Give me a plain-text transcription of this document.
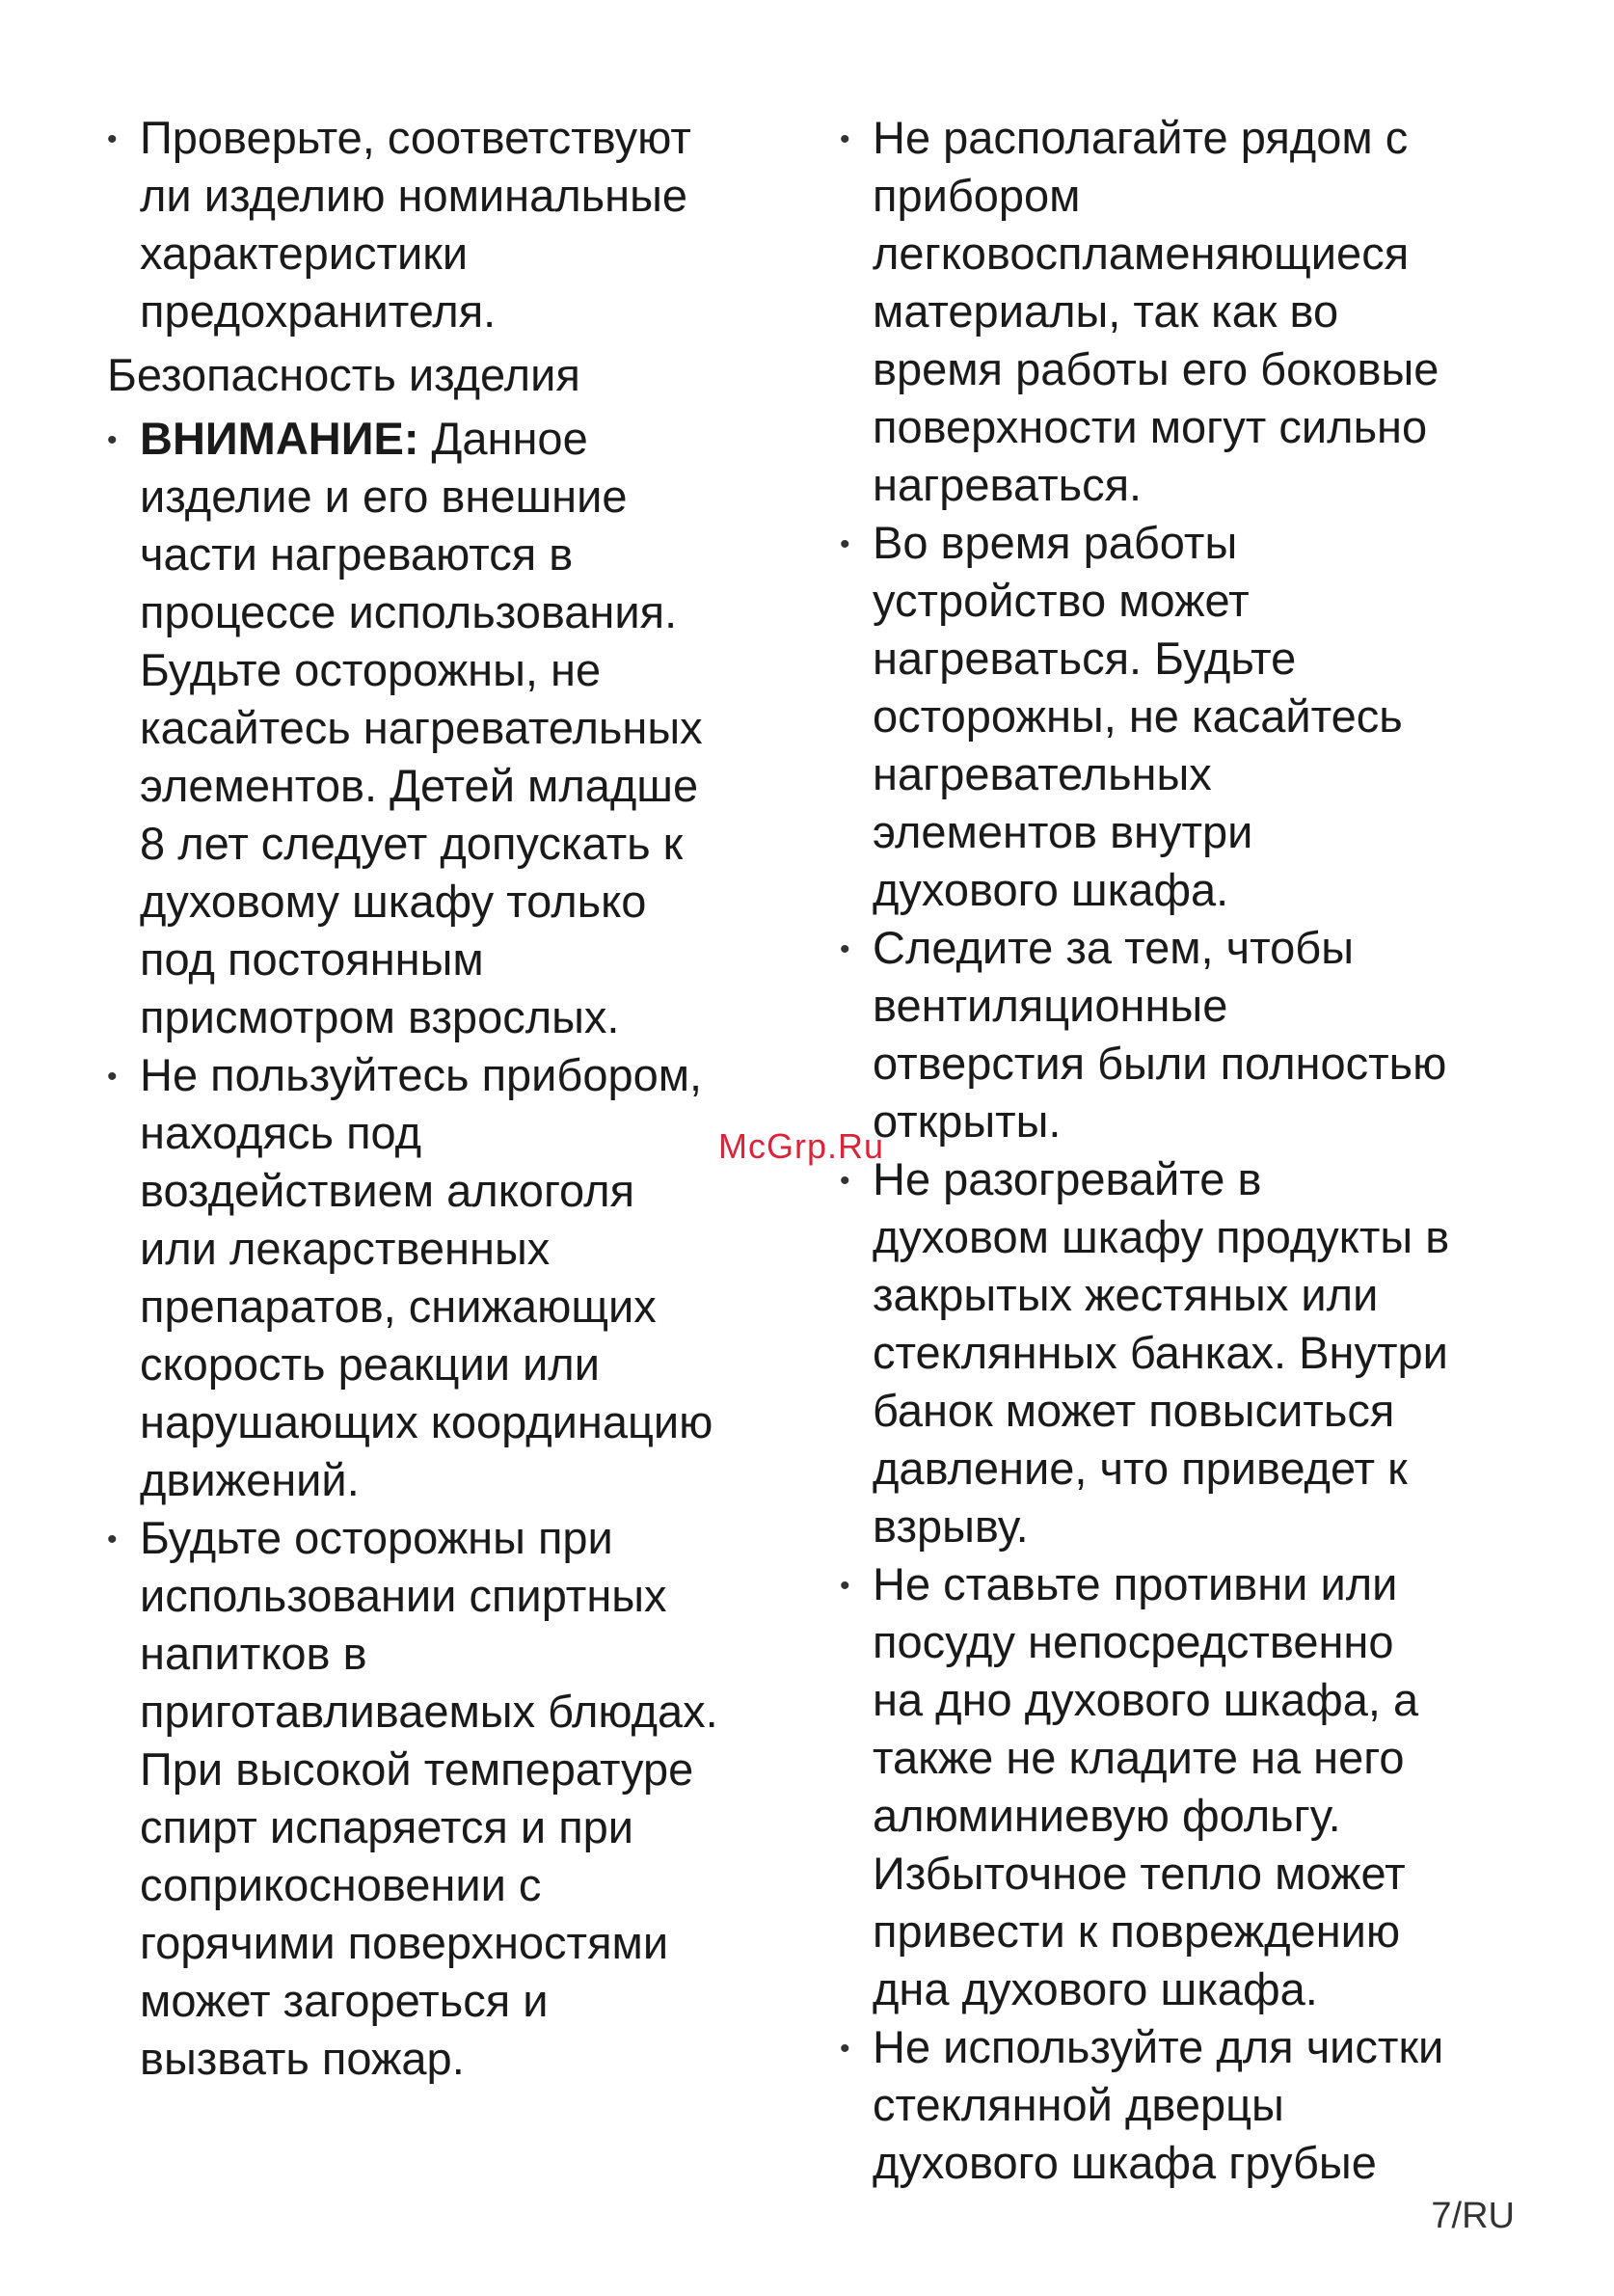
• Проверьте, соответствуют
ли изделию номинальные
характеристики
предохранителя.
Безопасность изделия
• ВНИМАНИЕ: Данное
изделие и его внешние
части нагреваются в
процессе использования.
Будьте осторожны, не
касайтесь нагревательных
элементов. Детей младше
8 лет следует допускать к
духовому шкафу только
под постоянным
присмотром взрослых.
• Не пользуйтесь прибором,
находясь под
воздействием алкоголя
или лекарственных
препаратов, снижающих
скорость реакции или
нарушающих координацию
движений.
• Будьте осторожны при
использовании спиртных
напитков в
приготавливаемых блюдах.
При высокой температуре
спирт испаряется и при
соприкосновении с
горячими поверхностями
может загореться и
вызвать пожар.
• Не располагайте рядом с
прибором
легковоспламеняющиеся
материалы, так как во
время работы его боковые
поверхности могут сильно
нагреваться.
• Во время работы
устройство может
нагреваться. Будьте
осторожны, не касайтесь
нагревательных
элементов внутри
духового шкафа.
• Следите за тем, чтобы
вентиляционные
отверстия были полностью
открыты.
• Не разогревайте в
духовом шкафу продукты в
закрытых жестяных или
стеклянных банках. Внутри
банок может повыситься
давление, что приведет к
взрыву.
• Не ставьте противни или
посуду непосредственно
на дно духового шкафа, а
также не кладите на него
алюминиевую фольгу.
Избыточное тепло может
привести к повреждению
дна духового шкафа.
• Не используйте для чистки
стеклянной дверцы
духового шкафа грубые
McGrp.Ru
7/RU
